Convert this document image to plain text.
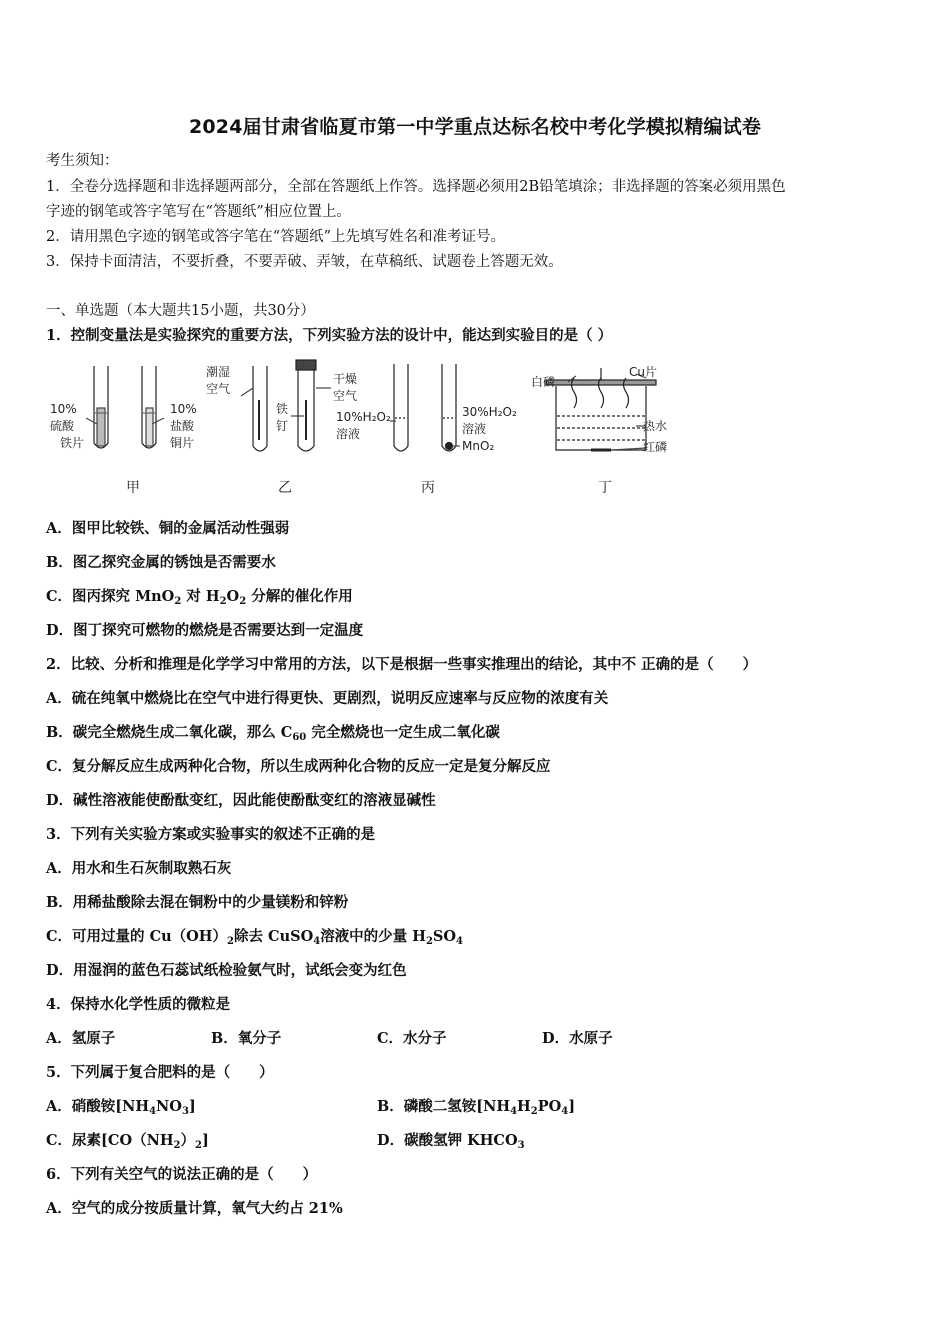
2024届甘肃省临夏市第一中学重点达标名校中考化学模拟精编试卷
考生须知：
1．全卷分选择题和非选择题两部分，全部在答题纸上作答。选择题必须用2B铅笔填涂；非选择题的答案必须用黑色
字迹的钢笔或答字笔写在“答题纸”相应位置上。
2．请用黑色字迹的钢笔或答字笔在“答题纸”上先填写姓名和准考证号。
3．保持卡面清洁，不要折叠，不要弄破、弄皱，在草稿纸、试题卷上答题无效。
一、单选题（本大题共15小题，共30分）
1．控制变量法是实验探究的重要方法，下列实验方法的设计中，能达到实验目的是（ ）
10%
硫酸
铁片
10%
盐酸
铜片
甲
潮湿
空气
铁
钉
干燥
空气
乙
10%H₂O₂
溶液
30%H₂O₂
溶液
MnO₂
丙
白磷
Cu片
热水
红磷
丁
A．图甲比较铁、铜的金属活动性强弱
B．图乙探究金属的锈蚀是否需要水
C．图丙探究 MnO$_2$ 对 $H_2O_2$ 分解的催化作用
D．图丁探究可燃物的燃烧是否需要达到一定温度
2．比较、分析和推理是化学学习中常用的方法，以下是根据一些事实推理出的结论，其中不 正确的是（　　）
A．硫在纯氧中燃烧比在空气中进行得更快、更剧烈，说明反应速率与反应物的浓度有关
B．碳完全燃烧生成二氧化碳，那么 $C_{60}$ 完全燃烧也一定生成二氧化碳
C．复分解反应生成两种化合物，所以生成两种化合物的反应一定是复分解反应
D．碱性溶液能使酚酞变红，因此能使酚酞变红的溶液显碱性
3．下列有关实验方案或实验事实的叙述不正确的是
A．用水和生石灰制取熟石灰
B．用稀盐酸除去混在铜粉中的少量镁粉和锌粉
C．可用过量的 $Cu(OH)_2$除去 CuSO$_4$溶液中的少量 $H_2SO_4$
D．用湿润的蓝色石蕊试纸检验氨气时，试纸会变为红色
4．保持水化学性质的微粒是
A．氢原子	B．氧分子	C．水分子	D．水原子
5．下列属于复合肥料的是（　　）
A．硝酸铵$[NH_4NO_3]$	B．磷酸二氢铵$[NH_4H_2PO_4]$
C．尿素$[CO(NH_2)_2]$	D．碳酸氢钾 $KHCO_3$
6．下列有关空气的说法正确的是（　　）
A．空气的成分按质量计算，氧气大约占 21%
